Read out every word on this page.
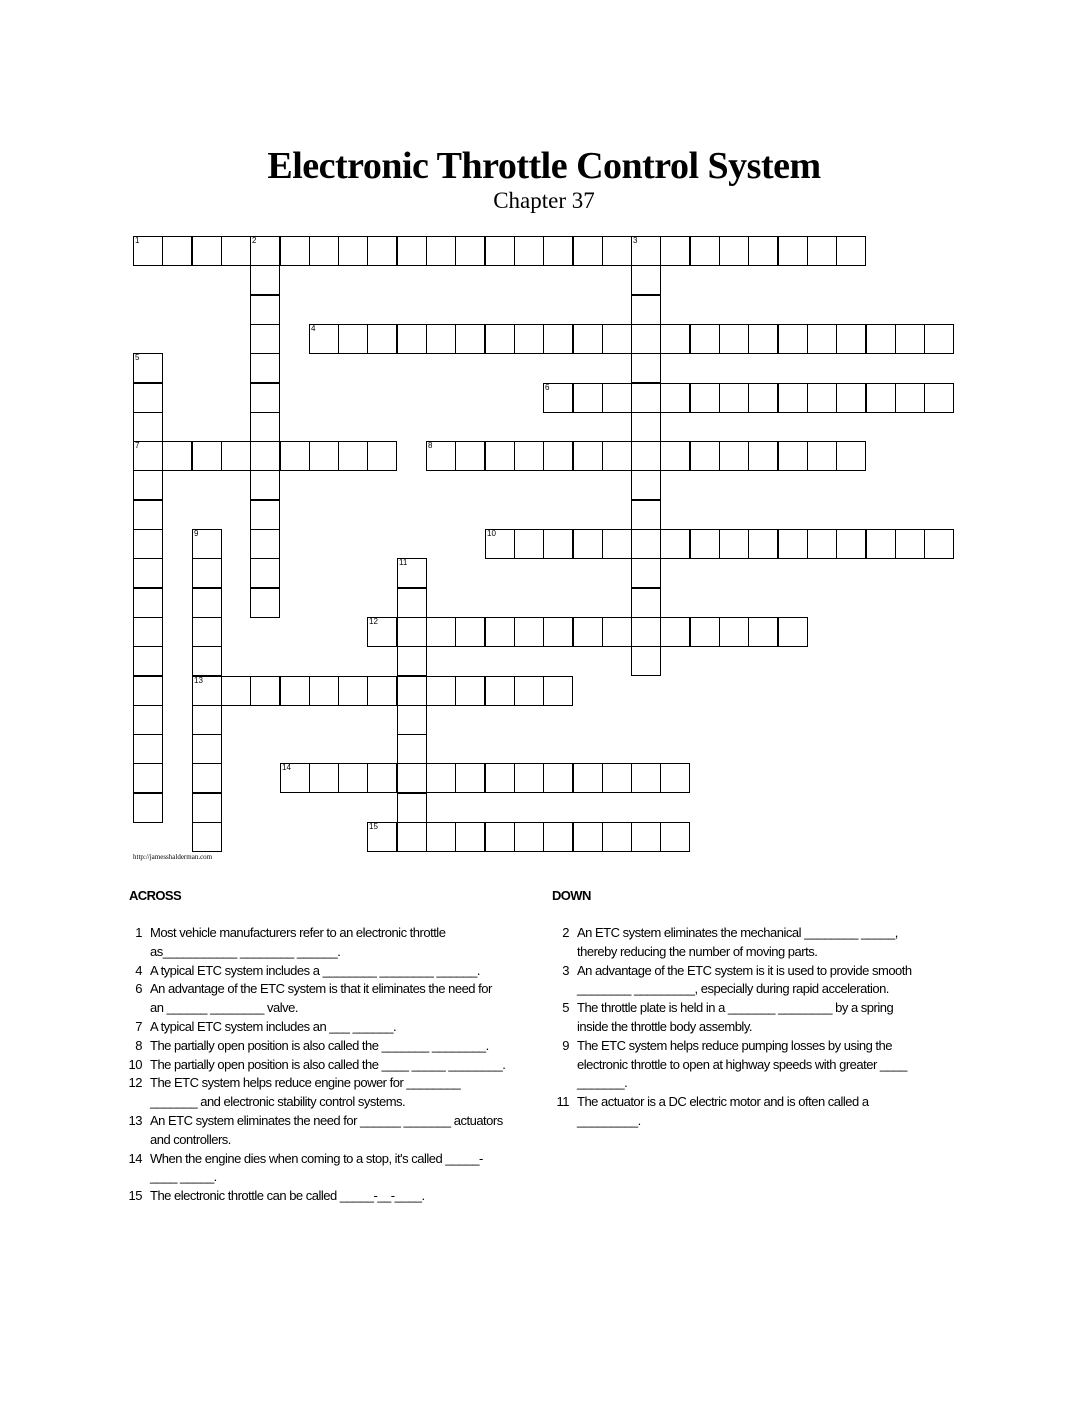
Electronic Throttle Control System
Chapter 37
1	2	3
4
5
7
6
8
9
13
10
11
12
14
15
http://jamesshalderman.com
ACROSS	DOWN
1 Most vehicle manufacturers refer to an electronic throttle as___________ ________ ______.
4 A typical ETC system includes a ________ ________ ______.
6 An advantage of the ETC system is that it eliminates the need for an ______ ________ valve.
7 A typical ETC system includes an ___ ______.
8 The partially open position is also called the _______ ________.
10 The partially open position is also called the ____ _____ ________.
12 The ETC system helps reduce engine power for ________ _______ and electronic stability control systems.
13 An ETC system eliminates the need for ______ _______ actuators and controllers.
14 When the engine dies when coming to a stop, it's called _____-____ _____.
15 The electronic throttle can be called _____-__-____.
2 An ETC system eliminates the mechanical ________ _____, thereby reducing the number of moving parts.
3 An advantage of the ETC system is it is used to provide smooth ________ _________, especially during rapid acceleration.
5 The throttle plate is held in a _______ ________ by a spring inside the throttle body assembly.
9 The ETC system helps reduce pumping losses by using the electronic throttle to open at highway speeds with greater ____ _______.
11 The actuator is a DC electric motor and is often called a _________.
